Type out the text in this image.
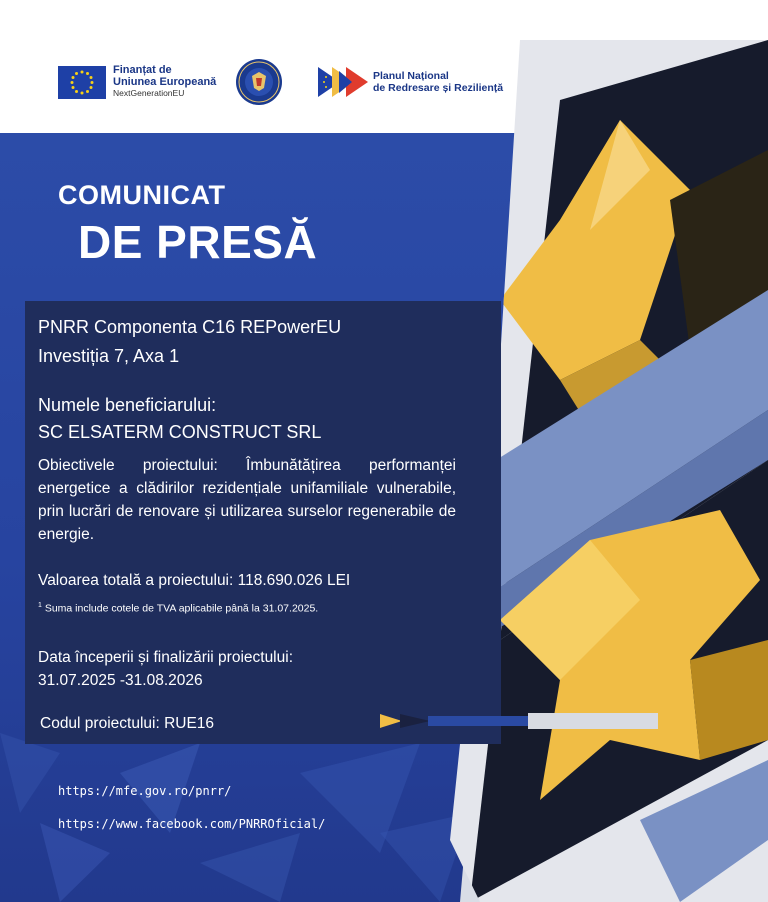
Finanțat de
Uniunea Europeană
NextGenerationEU
Planul Național
de Redresare și Reziliență
COMUNICAT
DE PRESĂ
PNRR Componenta C16 REPowerEU
Investiția 7, Axa 1
Numele beneficiarului:
SC ELSATERM CONSTRUCT SRL
Obiectivele proiectului: Îmbunătățirea performanței energetice a clădirilor rezidențiale unifamiliale vulnerabile, prin lucrări de renovare și utilizarea surselor regenerabile de energie.
Valoarea totală a proiectului: 118.690.026 LEI
$^1$ Suma include cotele de TVA aplicabile până la 31.07.2025.
Data începerii și finalizării proiectului:
31.07.2025 -31.08.2026
Codul proiectului: RUE16
https://mfe.gov.ro/pnrr/
https://www.facebook.com/PNRROficial/
